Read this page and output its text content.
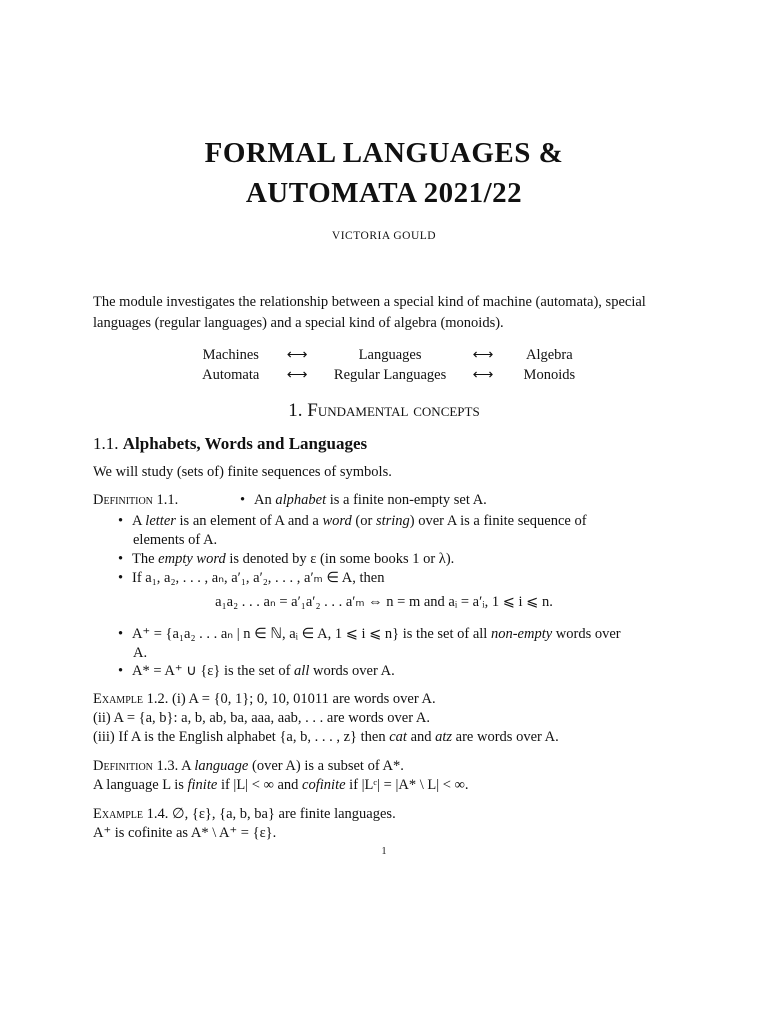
FORMAL LANGUAGES &
AUTOMATA 2021/22
VICTORIA GOULD
The module investigates the relationship between a special kind of machine (automata), special languages (regular languages) and a special kind of algebra (monoids).
Machines	⟷	Languages	⟷	Algebra
Automata	⟷	Regular Languages	⟷	Monoids
1. Fundamental concepts
1.1. Alphabets, Words and Languages
We will study (sets of) finite sequences of symbols.
Definition 1.1.	• An alphabet is a finite non-empty set A.
• A letter is an element of A and a word (or string) over A is a finite sequence of
elements of A.
• The empty word is denoted by ε (in some books 1 or λ).
• If a₁, a₂, . . . , aₙ, a′₁, a′₂, . . . , a′ₘ ∈ A, then
a₁a₂ . . . aₙ = a′₁a′₂ . . . a′ₘ ⇔ n = m and aᵢ = a′ᵢ, 1 ⩽ i ⩽ n.
• A⁺ = {a₁a₂ . . . aₙ | n ∈ ℕ, aᵢ ∈ A, 1 ⩽ i ⩽ n} is the set of all non-empty words over
A.
• A* = A⁺ ∪ {ε} is the set of all words over A.
Example 1.2. (i) A = {0, 1}; 0, 10, 01011 are words over A.
(ii) A = {a, b}: a, b, ab, ba, aaa, aab, . . . are words over A.
(iii) If A is the English alphabet {a, b, . . . , z} then cat and atz are words over A.
Definition 1.3. A language (over A) is a subset of A*.
A language L is finite if |L| < ∞ and cofinite if |Lᶜ| = |A* \ L| < ∞.
Example 1.4. ∅, {ε}, {a, b, ba} are finite languages.
A⁺ is cofinite as A* \ A⁺ = {ε}.
1
